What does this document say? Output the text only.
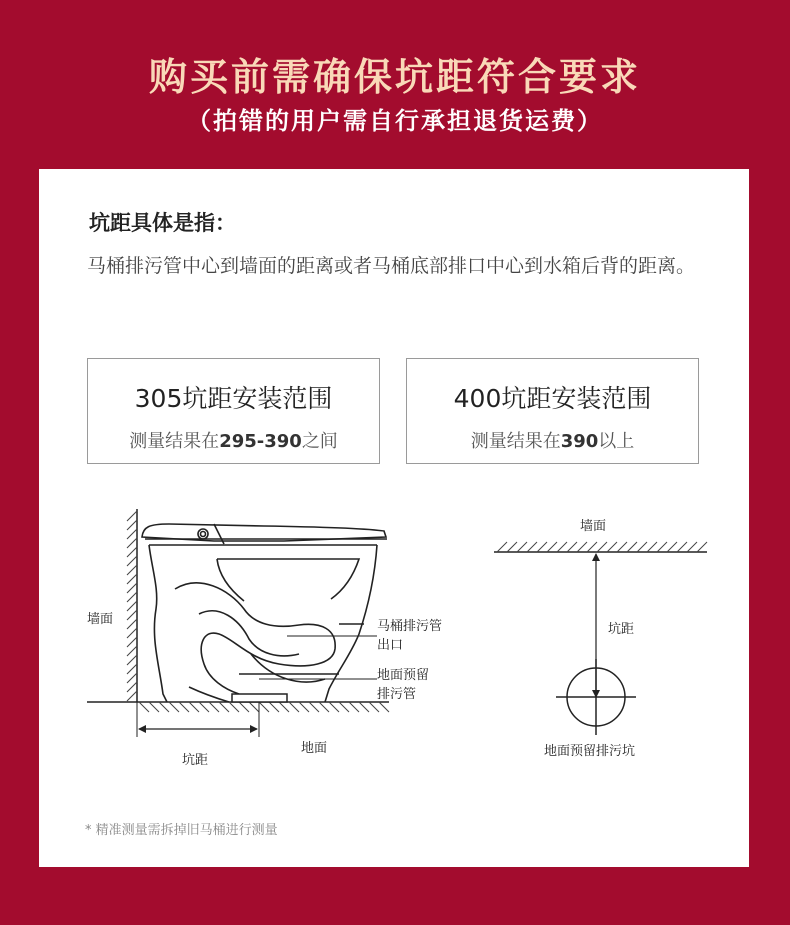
购买前需确保坑距符合要求
（拍错的用户需自行承担退货运费）
坑距具体是指：
马桶排污管中心到墙面的距离或者马桶底部排口中心到水箱后背的距离。
305坑距安装范围
测量结果在295-390之间
400坑距安装范围
测量结果在390以上
墙面	马桶排污管
出口
地面预留
排污管
地面
坑距
墙面
坑距
地面预留排污坑
* 精准测量需拆掉旧马桶进行测量
